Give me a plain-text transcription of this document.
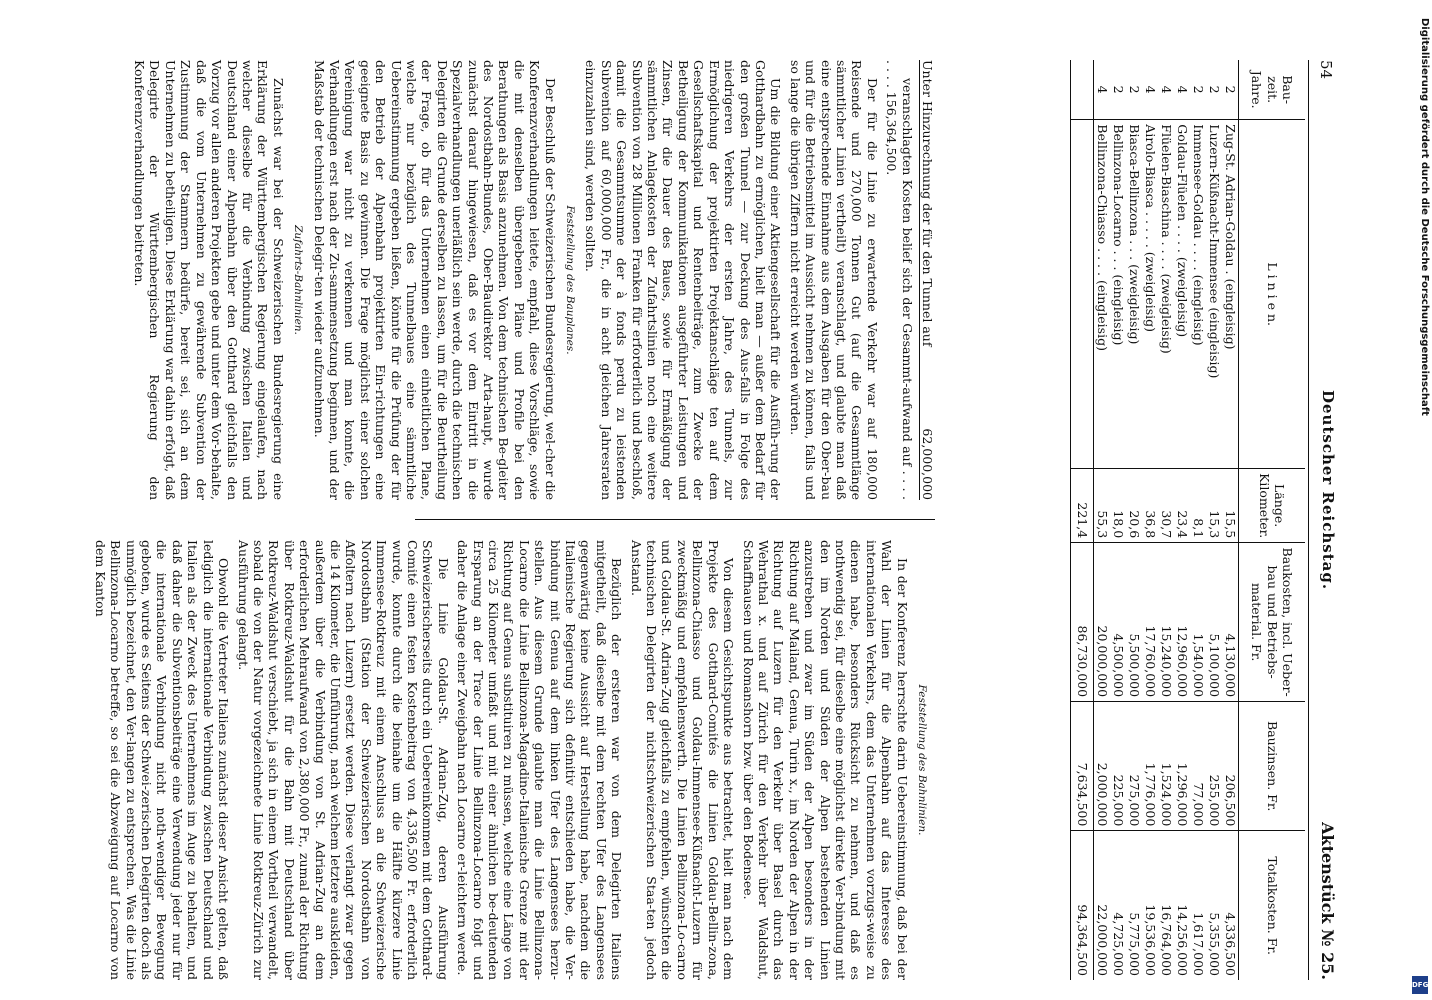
54
Deutscher Reichstag.
Aktenstück № 25.
Bau-zeit. Jahre.	L i n i e n.	Länge. Kilometer.	Baukosten, incl. Ueber-bau und Betriebs-material. Fr.	Bauzinsen. Fr.	Totalkosten. Fr.
2	Zug-St. Adrian-Goldau . (eingleisig)	15,5	4,130,000	206,500	4,336,500
2	Luzern-Küßnacht-Immensee (eingleisig)	15,3	5,100,000	255,000	5,355,000
2	Immensee-Goldau . . . . (eingleisig)	8,1	1,540,000	77,000	1,617,000
4	Goldau-Flüelen . . . . (zweigleisig)	23,4	12,960,000	1,296,000	14,256,000
4	Flüelen-Biaschina . . . . (zweigleisig)	30,7	15,240,000	1,524,000	16,764,000
4	Airolo-Biasca . . . . . (zweigleisig)	36,8	17,760,000	1,776,000	19,536,000
2	Biasca-Bellinzona . . . (zweigleisig)	20,6	5,500,000	275,000	5,775,000
2	Bellinzona-Locarno . . . (eingleisig)	18,0	4,500,000	225,000	4,725,000
4	Bellinzona-Chiasso . . . . (eingleisig)	55,3	20,000,000	2,000,000	22,000,000
		221,4	86,730,000	7,634,500	94,364,500
Unter Hinzurechnung der für den Tunnel auf
62,000,000

veranschlagten Kosten belief sich der Gesammt-aufwand auf . . . . . . . . 156,364,500.

Der für die Linie zu erwartende Verkehr war auf 180,000 Reisende und 270,000 Tonnen Gut (auf die Gesammtlänge sämmtlicher Linien vertheilt) veranschlagt, und glaubte man daß eine entsprechende Einnahme aus dem Ausgaben für den Ober-bau und für die Betriebsmittel im Aussicht nehmen zu können, falls und so lange die übrigen Ziffern nicht erreicht werden würden.

Um die Bildung einer Aktiengesellschaft für die Ausfüh-rung der Gotthardbahn zu ermöglichen, hielt man — außer dem Bedarf für den großen Tunnel — zur Deckung des Aus-falls in Folge des niedrigeren Verkehrs der ersten Jahre, des Tunnels, zur Ermöglichung der projektirten Projektanschläge ten auf dem Gesellschaftskapital und Rentenbeiträge, zum Zwecke der Betheiligung der Kommunikationen ausgeführter Leistungen und Zinsen, für die Dauer des Baues, sowie für Ermäßigung der sämmtlichen Anlagekosten der Zufahrtslinien noch eine weitere Subvention von 28 Millionen Franken für erforderlich und beschloß, damit die Gesammtsumme der à fonds perdu zu leistenden Subvention auf 60,000,000 Fr., die in acht gleichen Jahresraten einzuzahlen sind, werden sollten.

Feststellung des Bauplanes.

Der Beschluß der Schweizerischen Bundesregierung, wel-cher die Konferenzverhandlungen leitete, empfahl, diese Vorschläge, sowie die mit denselben übergebenen Pläne und Profile bei den Berathungen als Basis anzunehmen. Von dem technischen Be-gleiter des Nordostbahn-Bundes, Ober-Baudirektor Arta-haupt, wurde zunächst darauf hingewiesen, daß es vor dem Eintritt in die Spezialverhandlungen unerläßlich sein werde, durch die technischen Delegirten die Grunde derselben zu lassen, um für die Beurtheilung der Frage, ob für das Unternehmen einen einheitlichen Plane, welche nur bezüglich des Tunnelbaues eine sämmtliche Uebereinstimmung ergeben ließen, könnte für die Prüfung der für den Betrieb der Alpenbahn projektirten Ein-richtungen eine geeignete Basis zu gewinnen. Die Frage möglichst einer solchen Vereinigung war nicht zu verkennen und man konnte, die Verhandlungen erst nach der Zu-sammensetzung beginnen, und der Maßstab der technischen Delegir-ten wieder aufzunehmen.

Zufahrts-Bahnlinien.

Zunächst war bei der Schweizerischen Bundesregierung eine Erklärung der Württembergischen Regierung eingelaufen, nach welcher dieselbe für die Verbindung zwischen Italien und Deutschland einer Alpenbahn über den Gotthard gleichfalls den Vorzug vor allen anderen Projekten gebe und unter dem Vor-behalte, daß die vom Unternehmen zu gewährende Subvention der Zustimmung der Stammern bedürfe, bereit sei, sich an dem Unternehmen zu betheiligen. Diese Erklärung war dahin erfolgt, daß Delegirte der Württembergischen Regierung den Konferenzverhandlungen beitreten.

Feststellung des Bahnlinien.

In der Konferenz herrschte darin Uebereinstimmung, daß bei der Wahl der Linien für die Alpenbahn auf das Interesse des internationalen Verkehrs, dem das Unternehmen vorzugs-weise zu dienen habe, besonders Rücksicht zu nehmen, und daß es nothwendig sei, für dieselbe eine möglichst direkte Ver-bindung mit den im Norden und Süden der Alpen bestehenden Linien anzustreben und zwar im Süden der Alpen besonders in der Richtung auf Mailand, Genua, Turin x., im Norden der Alpen in der Richtung auf Luzern für den Verkehr über Basel durch das Wehrathal x. und auf Zürich für den Verkehr über Waldshut, Schaffhausen und Romanshorn bzw. über den Bodensee.

Von diesem Gesichtspunkte aus betrachtet, hielt man nach dem Projekte des Gotthard-Comités die Linien Goldau-Bellin-zona, Bellinzona-Chiasso und Goldau-Immensee-Küßnacht-Luzern für zweckmäßig und empfehlenswerth. Die Linien Bellinzona-Lo-carno und Goldau-St. Adrian-Zug gleichfalls zu empfehlen, wünschten die technischen Delegirten der nichtschweizerischen Staa-ten jedoch Anstand.

Bezüglich der ersteren war von dem Delegirten Italiens mitgetheilt, daß dieselbe mit dem rechten Ufer des Langensees gegenwärtig keine Aussicht auf Herstellung habe, nachdem die Italienische Regierung sich definitiv entschieden habe, die Ver-bindung mit Genua auf dem linken Ufer des Langensees herzu-stellen. Aus diesem Grunde glaubte man die Linie Bellinzona-Locarno die Linie Bellinzona-Magadino-Italienische Grenze mit der Richtung auf Genua substituiren zu müssen, welche eine Länge von circa 25 Kilometer umfaßt und mit einer ähnlichen be-deutenden Ersparung an der Trace der Linie Bellinzona-Locarno folgt und daher die Anlage einer Zweigbahn nach Locarno er-leichtern werde.

Die Linie Goldau-St. Adrian-Zug, deren Ausführung Schweizerischerseits durch ein Uebereinkommen mit dem Gotthard-Comité einen festen Kostenbeitrag von 4,336,500 Fr. erforderlich wurde, konnte durch die beinahe um die Hälfte kürzere Linie Immensee-Rotkreuz mit einem Anschluss an die Schweizerische Nordostbahn (Station der Schweizerischen Nordostbahn von Affoltern nach Luzern) ersetzt werden. Diese verlangt zwar gegen die 14 Kilometer, die Umführung, nach welchem letztere auskleiden, außerdem über die Verbindung von St. Adrian-Zug an dem erforderlichen Mehraufwand von 2,380,000 Fr., zumal der Richtung über Rotkreuz-Waldshut für die Bahn mit Deutschland über Rotkreuz-Waldshut verschiebt, ja sich in einem Vortheil verwandelt, sobald die von der Natur vorgezeichnete Linie Rotkreuz-Zürich zur Ausführung gelangt.

Obwohl die Vertreter Italiens zunächst dieser Ansicht gelten, daß lediglich die internationale Verbindung zwischen Deutschland und Italien als der Zweck des Unternehmens im Auge zu behalten, und daß daher die Subventionsbeiträge eine Verwendung jeder nur für die internationale Verbindung nicht noth-wendiger Bewegung geboten, wurde es Seitens der Schwei-zerischen Delegirten doch als unmöglich bezeichnet, den Ver-langen zu entsprechen. Was die Linie Bellinzona-Locarno betreffe, so sei die Abzweigung auf Locarno von dem Kanton

Digitalisierung gefördert durch die Deutsche Forschungsgemeinschaft
DFG
